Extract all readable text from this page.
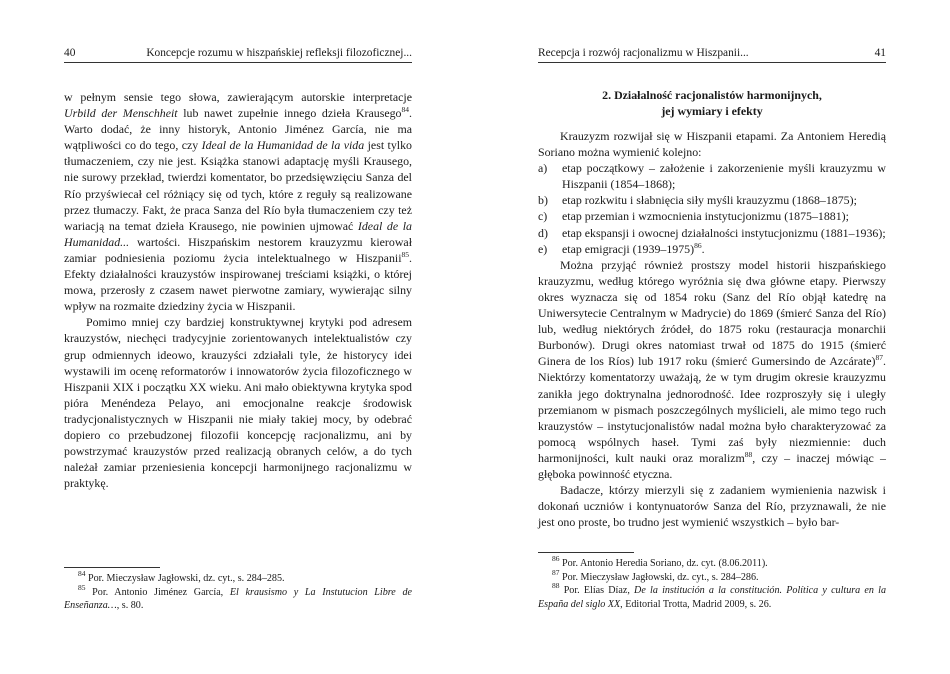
40	Koncepcje rozumu w hiszpańskiej refleksji filozoficznej...

w pełnym sensie tego słowa, zawierającym autorskie interpretacje Urbild der Menschheit lub nawet zupełnie innego dzieła Krausego$^{84}$. Warto dodać, że inny historyk, Antonio Jiménez García, nie ma wątpliwości co do tego, czy Ideal de la Humanidad de la vida jest tylko tłumaczeniem, czy nie jest. Książka stanowi adaptację myśli Krausego, nie surowy przekład, twierdzi komentator, bo przedsięwzięciu Sanza del Río przyświecał cel różniący się od tych, które z reguły są realizowane przez tłumaczy. Fakt, że praca Sanza del Río była tłumaczeniem czy też wariacją na temat dzieła Krausego, nie powinien ujmować Ideal de la Humanidad... wartości. Hiszpańskim nestorem krauzyzmu kierował zamiar podniesienia poziomu życia intelektualnego w Hiszpanii$^{85}$. Efekty działalności krauzystów inspirowanej treściami książki, o której mowa, przerosły z czasem nawet pierwotne zamiary, wywierając silny wpływ na rozmaite dziedziny życia w Hiszpanii.

Pomimo mniej czy bardziej konstruktywnej krytyki pod adresem krauzystów, niechęci tradycyjnie zorientowanych intelektualistów czy grup odmiennych ideowo, krauzyści zdziałali tyle, że historycy idei wystawili im ocenę reformatorów i innowatorów życia filozoficznego w Hiszpanii XIX i początku XX wieku. Ani mało obiektywna krytyka spod pióra Menéndeza Pelayo, ani emocjonalne reakcje środowisk tradycjonalistycznych w Hiszpanii nie miały takiej mocy, by odebrać dopiero co przebudzonej filozofii koncepcję racjonalizmu, ani by powstrzymać krauzystów przed realizacją obranych celów, a do tych należał zamiar przeniesienia koncepcji harmonijnego racjonalizmu w praktykę.

$^{84}$ Por. Mieczysław Jagłowski, dz. cyt., s. 284–285.

$^{85}$ Por. Antonio Jiménez García, El krausismo y La Instutucion Libre de Enseñanza…, s. 80.

Recepcja i rozwój racjonalizmu w Hiszpanii...	41
2. Działalność racjonalistów harmonijnych,
jej wymiary i efekty

Krauzyzm rozwijał się w Hiszpanii etapami. Za Antoniem Heredią Soriano można wymienić kolejno:

a) etap początkowy – założenie i zakorzenienie myśli krauzyzmu w Hiszpanii (1854–1868);
b) etap rozkwitu i słabnięcia siły myśli krauzyzmu (1868–1875);
c) etap przemian i wzmocnienia instytucjonizmu (1875–1881);
d) etap ekspansji i owocnej działalności instytucjonizmu (1881–1936);
e) etap emigracji (1939–1975)$^{86}$.

Można przyjąć również prostszy model historii hiszpańskiego krauzyzmu, według którego wyróżnia się dwa główne etapy. Pierwszy okres wyznacza się od 1854 roku (Sanz del Río objął katedrę na Uniwersytecie Centralnym w Madrycie) do 1869 (śmierć Sanza del Río) lub, według niektórych źródeł, do 1875 roku (restauracja monarchii Burbonów). Drugi okres natomiast trwał od 1875 do 1915 (śmierć Ginera de los Ríos) lub 1917 roku (śmierć Gumersindo de Azcárate)$^{87}$. Niektórzy komentatorzy uważają, że w tym drugim okresie krauzyzmu zanikła jego doktrynalna jednorodność. Idee rozproszyły się i uległy przemianom w pismach poszczególnych myślicieli, ale mimo tego ruch krauzystów – instytucjonalistów nadal można było charakteryzować za pomocą wspólnych haseł. Tymi zaś były niezmiennie: duch harmonijności, kult nauki oraz moralizm$^{88}$, czy – inaczej mówiąc – głęboka powinność etyczna.

Badacze, którzy mierzyli się z zadaniem wymienienia nazwisk i dokonań uczniów i kontynuatorów Sanza del Río, przyznawali, że nie jest ono proste, bo trudno jest wymienić wszystkich – było bar-

$^{86}$ Por. Antonio Heredia Soriano, dz. cyt. (8.06.2011).

$^{87}$ Por. Mieczysław Jagłowski, dz. cyt., s. 284–286.

$^{88}$ Por. Elías Díaz, De la institución a la constitución. Política y cultura en la España del siglo XX, Editorial Trotta, Madrid 2009, s. 26.
